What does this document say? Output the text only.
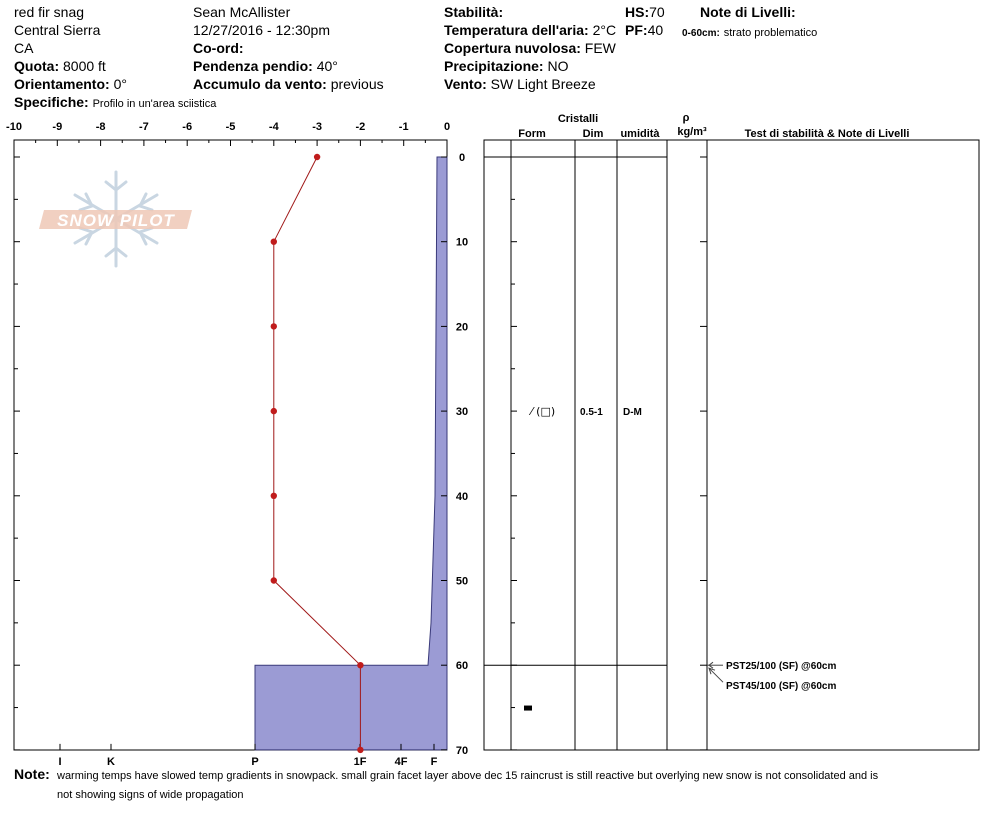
red fir snag
Central Sierra
CA
Quota: 8000 ft
Orientamento: 0°
Specifiche: Profilo in un'area sciistica
Sean McAllister
12/27/2016 - 12:30pm
Co-ord:
Pendenza pendio: 40°
Accumulo da vento: previous
Stabilità:
Temperatura dell'aria: 2°C
Copertura nuvolosa: FEW
Precipitazione: NO
Vento: SW Light Breeze
HS:70
PF:40
Note di Livelli:
0-60cm: strato problematico
SNOW PILOT
-10	-9	-8	-7	-6	-5	-4	-3	-2	-1	0
0
10
20
30
40
50
60
70
I	K	P	1F	4F F
Cristalli
Form	Dim umidità
ρ
kg/m³	Test di stabilità & Note di Livelli
⁄ (□) 0.5-1 D-M
PST25/100 (SF) @60cm
PST45/100 (SF) @60cm
Note: warming temps have slowed temp gradients in snowpack. small grain facet layer above dec 15 raincrust is still reactive but overlying new snow is not consolidated and is
not showing signs of wide propagation
